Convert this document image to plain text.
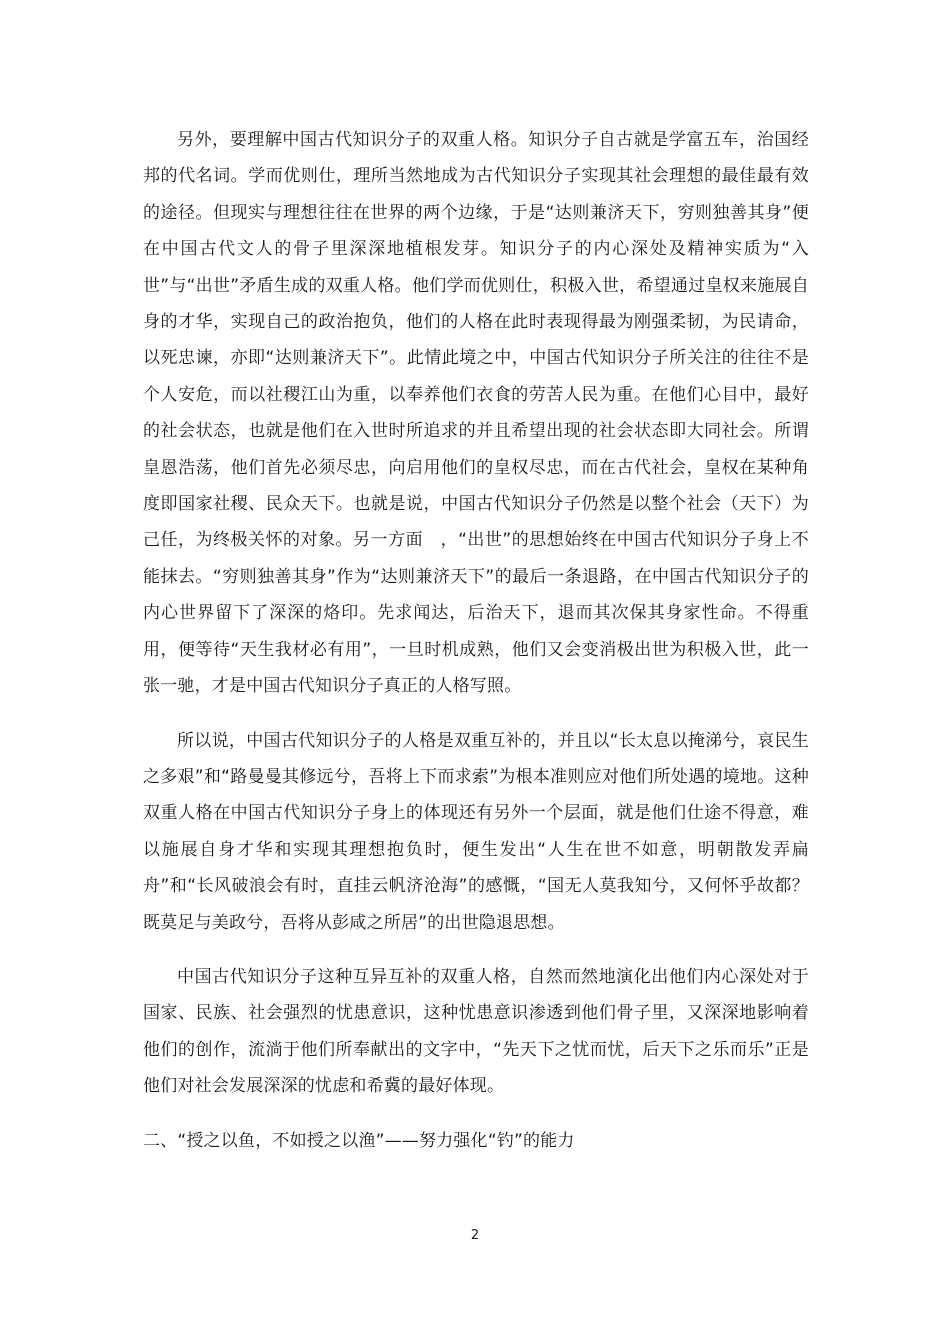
另外，要理解中国古代知识分子的双重人格。知识分子自古就是学富五车，治国经邦的代名词。学而优则仕，理所当然地成为古代知识分子实现其社会理想的最佳最有效的途径。但现实与理想往往在世界的两个边缘，于是“达则兼济天下，穷则独善其身”便在中国古代文人的骨子里深深地植根发芽。知识分子的内心深处及精神实质为“入世”与“出世”矛盾生成的双重人格。他们学而优则仕，积极入世，希望通过皇权来施展自身的才华，实现自己的政治抱负，他们的人格在此时表现得最为刚强柔韧，为民请命，以死忠谏，亦即“达则兼济天下”。此情此境之中，中国古代知识分子所关注的往往不是个人安危，而以社稷江山为重，以奉养他们衣食的劳苦人民为重。在他们心目中，最好的社会状态，也就是他们在入世时所追求的并且希望出现的社会状态即大同社会。所谓皇恩浩荡，他们首先必须尽忠，向启用他们的皇权尽忠，而在古代社会，皇权在某种角度即国家社稷、民众天下。也就是说，中国古代知识分子仍然是以整个社会（天下）为己任，为终极关怀的对象。另一方面　，“出世”的思想始终在中国古代知识分子身上不能抹去。“穷则独善其身”作为“达则兼济天下”的最后一条退路，在中国古代知识分子的内心世界留下了深深的烙印。先求闻达，后治天下，退而其次保其身家性命。不得重用，便等待“天生我材必有用”，一旦时机成熟，他们又会变消极出世为积极入世，此一张一驰，才是中国古代知识分子真正的人格写照。

所以说，中国古代知识分子的人格是双重互补的，并且以“长太息以掩涕兮，哀民生之多艰”和“路曼曼其修远兮，吾将上下而求索”为根本准则应对他们所处遇的境地。这种双重人格在中国古代知识分子身上的体现还有另外一个层面，就是他们仕途不得意，难以施展自身才华和实现其理想抱负时，便生发出“人生在世不如意，明朝散发弄扁舟”和“长风破浪会有时，直挂云帆济沧海”的感慨，“国无人莫我知兮，又何怀乎故都？既莫足与美政兮，吾将从彭咸之所居”的出世隐退思想。

中国古代知识分子这种互异互补的双重人格，自然而然地演化出他们内心深处对于国家、民族、社会强烈的忧患意识，这种忧患意识渗透到他们骨子里，又深深地影响着他们的创作，流淌于他们所奉献出的文字中，“先天下之忧而忧，后天下之乐而乐”正是他们对社会发展深深的忧虑和希冀的最好体现。

二、“授之以鱼，不如授之以渔”——努力强化“钓”的能力

2
